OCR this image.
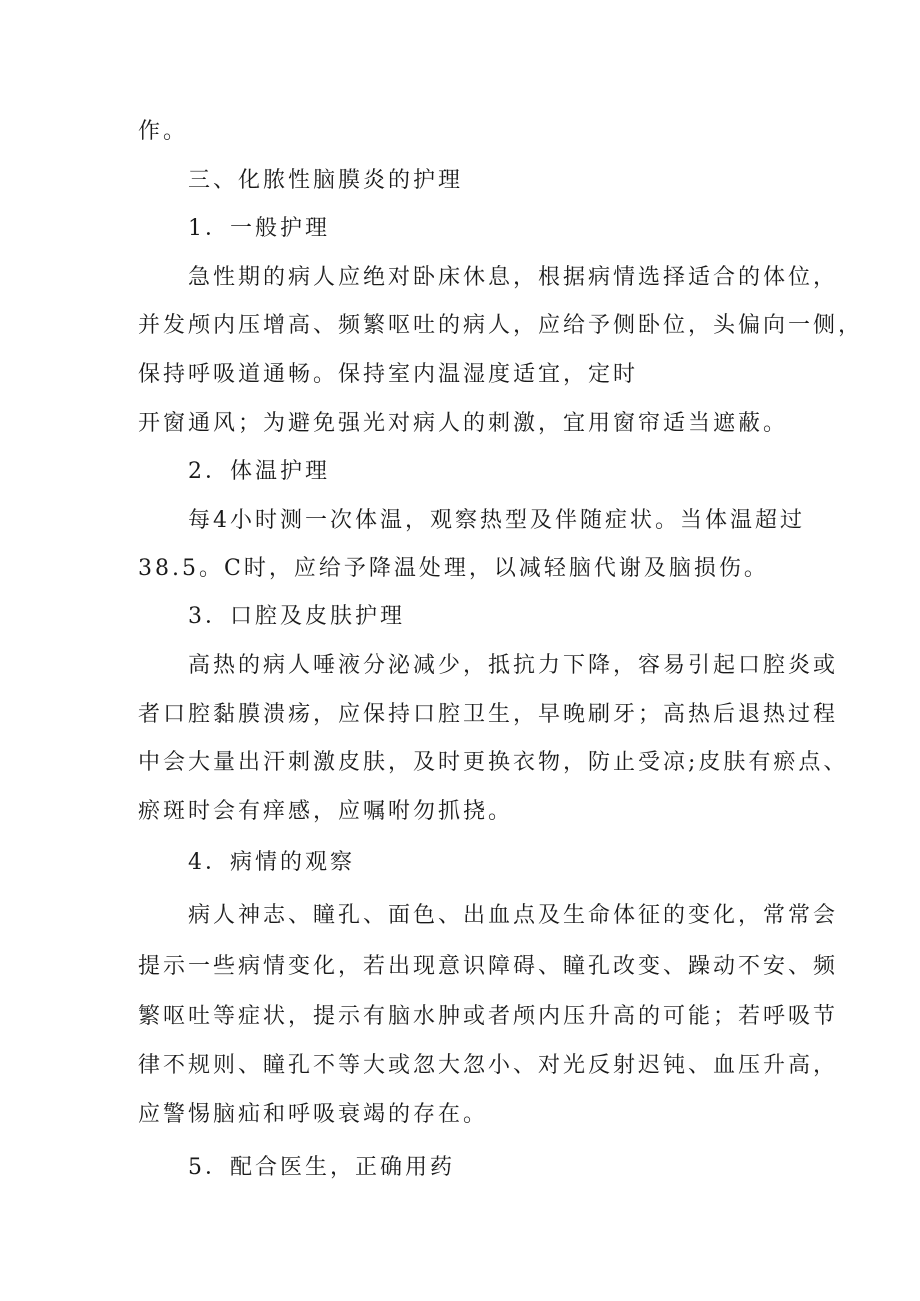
作。
三、化脓性脑膜炎的护理
1．一般护理
急性期的病人应绝对卧床休息，根据病情选择适合的体位，
并发颅内压增高、频繁呕吐的病人，应给予侧卧位，头偏向一侧，
保持呼吸道通畅。保持室内温湿度适宜，定时
开窗通风；为避免强光对病人的刺激，宜用窗帘适当遮蔽。
2．体温护理
每4小时测一次体温，观察热型及伴随症状。当体温超过
38.5。C时，应给予降温处理，以减轻脑代谢及脑损伤。
3．口腔及皮肤护理
高热的病人唾液分泌减少，抵抗力下降，容易引起口腔炎或
者口腔黏膜溃疡，应保持口腔卫生，早晚刷牙；高热后退热过程
中会大量出汗刺激皮肤，及时更换衣物，防止受凉;皮肤有瘀点、
瘀斑时会有痒感，应嘱咐勿抓挠。
4．病情的观察
病人神志、瞳孔、面色、出血点及生命体征的变化，常常会
提示一些病情变化，若出现意识障碍、瞳孔改变、躁动不安、频
繁呕吐等症状，提示有脑水肿或者颅内压升高的可能；若呼吸节
律不规则、瞳孔不等大或忽大忽小、对光反射迟钝、血压升高，
应警惕脑疝和呼吸衰竭的存在。
5．配合医生，正确用药
